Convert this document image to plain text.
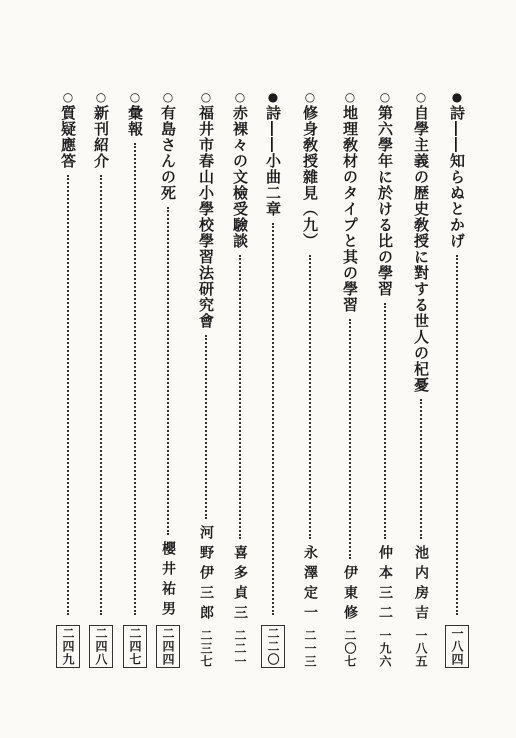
●詩――知らぬとかげ
一八四
○自學主義の歴史敎授に對する世人の杞憂
池内房吉
一八五
○第六學年に於ける比の學習
仲本三二
一九六
○地理敎材のタイプと其の學習
伊東修
二〇七
○修身敎授雜見（九）
永澤定一
二一三
●詩――小曲二章
二二〇
○赤裸々の文檢受驗談
喜多貞三
二二一
○福井市春山小學校學習法研究會
河野伊三郎
二三七
○有島さんの死
櫻井祐男
二四四
○彙報
二四七
○新刊紹介
二四八
○質疑應答
二四九
